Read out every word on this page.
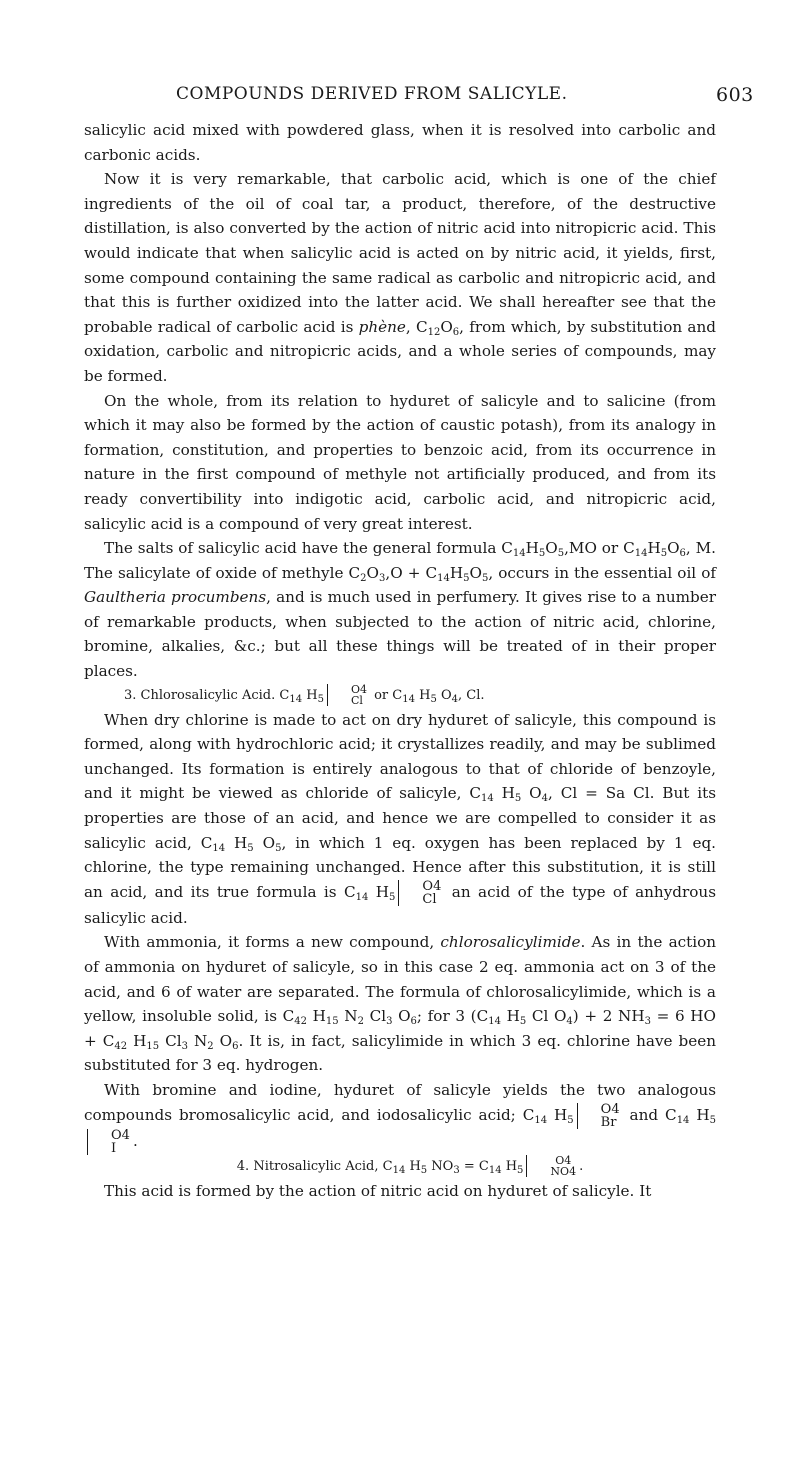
COMPOUNDS DERIVED FROM SALICYLE.	603

salicylic acid mixed with powdered glass, when it is resolved into carbolic and carbonic acids.

Now it is very remarkable, that carbolic acid, which is one of the chief ingredients of the oil of coal tar, a product, therefore, of the destructive distillation, is also converted by the action of nitric acid into nitropicric acid. This would indicate that when salicylic acid is acted on by nitric acid, it yields, first, some compound containing the same radical as carbolic and nitropicric acid, and that this is further oxidized into the latter acid. We shall hereafter see that the probable radical of carbolic acid is phène, $C_{12}O_6$, from which, by substitution and oxidation, carbolic and nitropicric acids, and a whole series of compounds, may be formed.

On the whole, from its relation to hyduret of salicyle and to salicine (from which it may also be formed by the action of caustic potash), from its analogy in formation, constitution, and properties to benzoic acid, from its occurrence in nature in the first compound of methyle not artificially produced, and from its ready convertibility into indigotic acid, carbolic acid, and nitropicric acid, salicylic acid is a compound of very great interest.

The salts of salicylic acid have the general formula $C_{14}H_5O_5,MO$ or $C_{14}H_5O_6$, M. The salicylate of oxide of methyle $C_2O_3,O + C_{14}H_5O_5$, occurs in the essential oil of Gaultheria procumbens, and is much used in perfumery. It gives rise to a number of remarkable products, when subjected to the action of nitric acid, chlorine, bromine, alkalies, &c.; but all these things will be treated of in their proper places.

3. Chlorosalicylic Acid. $C_{14}$ $H_5$
O4
Cl or $C_{14}$ $H_5$ $O_4$, Cl.

When dry chlorine is made to act on dry hyduret of salicyle, this compound is formed, along with hydrochloric acid; it crystallizes readily, and may be sublimed unchanged. Its formation is entirely analogous to that of chloride of benzoyle, and it might be viewed as chloride of salicyle, $C_{14}$ $H_5$ $O_4$, Cl = Sa Cl. But its properties are those of an acid, and hence we are compelled to consider it as salicylic acid, $C_{14}$ $H_5$ $O_5$, in which 1 eq. oxygen has been replaced by 1 eq. chlorine, the type remaining unchanged. Hence after this substitution, it is still an acid, and its true formula is $C_{14}$ $H_5$
O4
Cl an acid of the type of anhydrous salicylic acid.

With ammonia, it forms a new compound, chlorosalicylimide. As in the action of ammonia on hyduret of salicyle, so in this case 2 eq. ammonia act on 3 of the acid, and 6 of water are separated. The formula of chlorosalicylimide, which is a yellow, insoluble solid, is $C_{42}$ $H_{15}$ $N_2$ $Cl_3$ $O_6$; for 3 ($C_{14}$ $H_5$ Cl $O_4) + 2$ $NH_3 = 6$ HO + $C_{42}$ $H_{15}$ $Cl_3$ $N_2$ $O_6$. It is, in fact, salicylimide in which 3 eq. chlorine have been substituted for 3 eq. hydrogen.

With bromine and iodine, hyduret of salicyle yields the two analogous compounds bromosalicylic acid, and iodosalicylic acid; $C_{14}$ $H_5$
O4
Br and $C_{14}$ $H_5$
O4
I	.

4. Nitrosalicylic Acid, $C_{14}$ $H_5$ $NO_3 = C_{14}$ $H_5$
O4
NO4 .

This acid is formed by the action of nitric acid on hyduret of salicyle. It
